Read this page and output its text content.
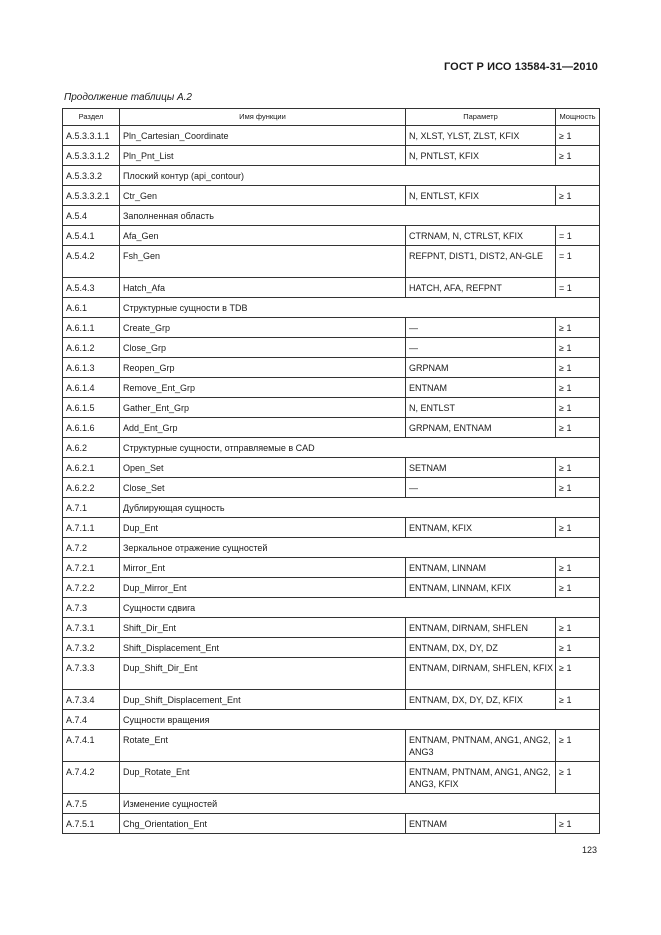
ГОСТ Р ИСО 13584-31—2010
Продолжение таблицы А.2
Раздел	Имя функции	Параметр	Мощность
А.5.3.3.1.1	Pln_Cartesian_Coordinate	N, XLST, YLST, ZLST, KFIX	≥ 1
А.5.3.3.1.2	Pln_Pnt_List	N, PNTLST, KFIX	≥ 1
А.5.3.3.2	Плоский контур (api_contour)		
А.5.3.3.2.1	Ctr_Gen	N, ENTLST, KFIX	≥ 1
А.5.4	Заполненная область		
А.5.4.1	Afa_Gen	CTRNAM, N, CTRLST, KFIX	= 1
А.5.4.2	Fsh_Gen	REFPNT, DIST1, DIST2, AN-GLE	= 1
А.5.4.3	Hatch_Afa	HATCH, AFA, REFPNT	= 1
А.6.1	Структурные сущности в TDB		
А.6.1.1	Create_Grp	—	≥ 1
А.6.1.2	Close_Grp	—	≥ 1
А.6.1.3	Reopen_Grp	GRPNAM	≥ 1
А.6.1.4	Remove_Ent_Grp	ENTNAM	≥ 1
А.6.1.5	Gather_Ent_Grp	N, ENTLST	≥ 1
А.6.1.6	Add_Ent_Grp	GRPNAM, ENTNAM	≥ 1
А.6.2	Структурные сущности, отправляемые в CAD		
А.6.2.1	Open_Set	SETNAM	≥ 1
А.6.2.2	Close_Set	—	≥ 1
А.7.1	Дублирующая сущность		
А.7.1.1	Dup_Ent	ENTNAM, KFIX	≥ 1
А.7.2	Зеркальное отражение сущностей		
А.7.2.1	Mirror_Ent	ENTNAM, LINNAM	≥ 1
А.7.2.2	Dup_Mirror_Ent	ENTNAM, LINNAM, KFIX	≥ 1
А.7.3	Сущности сдвига		
А.7.3.1	Shift_Dir_Ent	ENTNAM, DIRNAM, SHFLEN	≥ 1
А.7.3.2	Shift_Displacement_Ent	ENTNAM, DX, DY, DZ	≥ 1
А.7.3.3	Dup_Shift_Dir_Ent	ENTNAM, DIRNAM, SHFLEN, KFIX	≥ 1
А.7.3.4	Dup_Shift_Displacement_Ent	ENTNAM, DX, DY, DZ, KFIX	≥ 1
А.7.4	Сущности вращения		
А.7.4.1	Rotate_Ent	ENTNAM, PNTNAM, ANG1, ANG2, ANG3	≥ 1
А.7.4.2	Dup_Rotate_Ent	ENTNAM, PNTNAM, ANG1, ANG2, ANG3, KFIX	≥ 1
А.7.5	Изменение сущностей		
А.7.5.1	Chg_Orientation_Ent	ENTNAM	≥ 1
123
